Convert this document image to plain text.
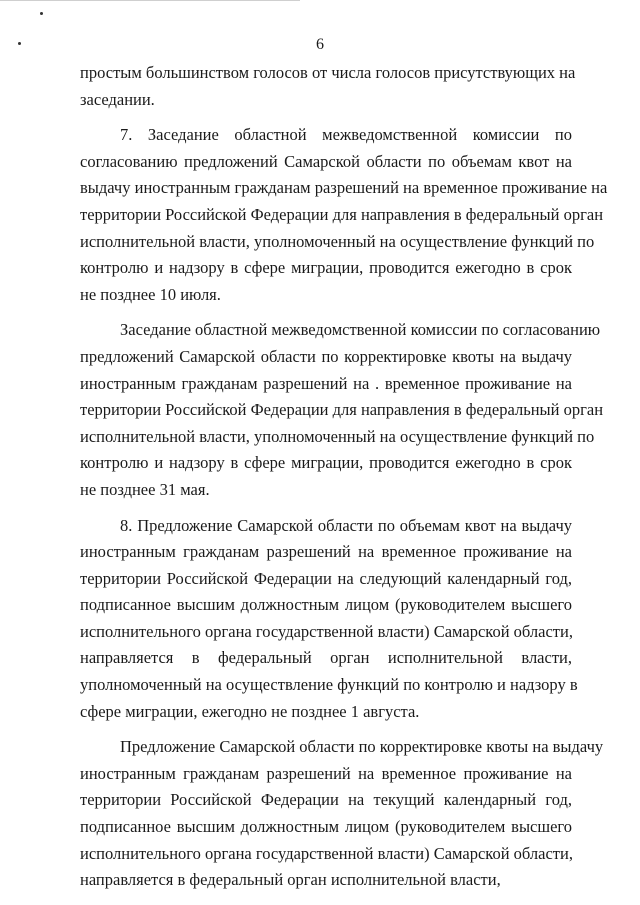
6
простым большинством голосов от числа голосов присутствующих на
заседании.
7. Заседание областной межведомственной комиссии по
согласованию предложений Самарской области по объемам квот на
выдачу иностранным гражданам разрешений на временное проживание на
территории Российской Федерации для направления в федеральный орган
исполнительной власти, уполномоченный на осуществление функций по
контролю и надзору в сфере миграции, проводится ежегодно в срок
не позднее 10 июля.
Заседание областной межведомственной комиссии по согласованию
предложений Самарской области по корректировке квоты на выдачу
иностранным гражданам разрешений на . временное проживание на
территории Российской Федерации для направления в федеральный орган
исполнительной власти, уполномоченный на осуществление функций по
контролю и надзору в сфере миграции, проводится ежегодно в срок
не позднее 31 мая.
8. Предложение Самарской области по объемам квот на выдачу
иностранным гражданам разрешений на временное проживание на
территории Российской Федерации на следующий календарный год,
подписанное высшим должностным лицом (руководителем высшего
исполнительного органа государственной власти) Самарской области,
направляется в федеральный орган исполнительной власти,
уполномоченный на осуществление функций по контролю и надзору в
сфере миграции, ежегодно не позднее 1 августа.
Предложение Самарской области по корректировке квоты на выдачу
иностранным гражданам разрешений на временное проживание на
территории Российской Федерации на текущий календарный год,
подписанное высшим должностным лицом (руководителем высшего
исполнительного органа государственной власти) Самарской области,
направляется в федеральный орган исполнительной власти,
